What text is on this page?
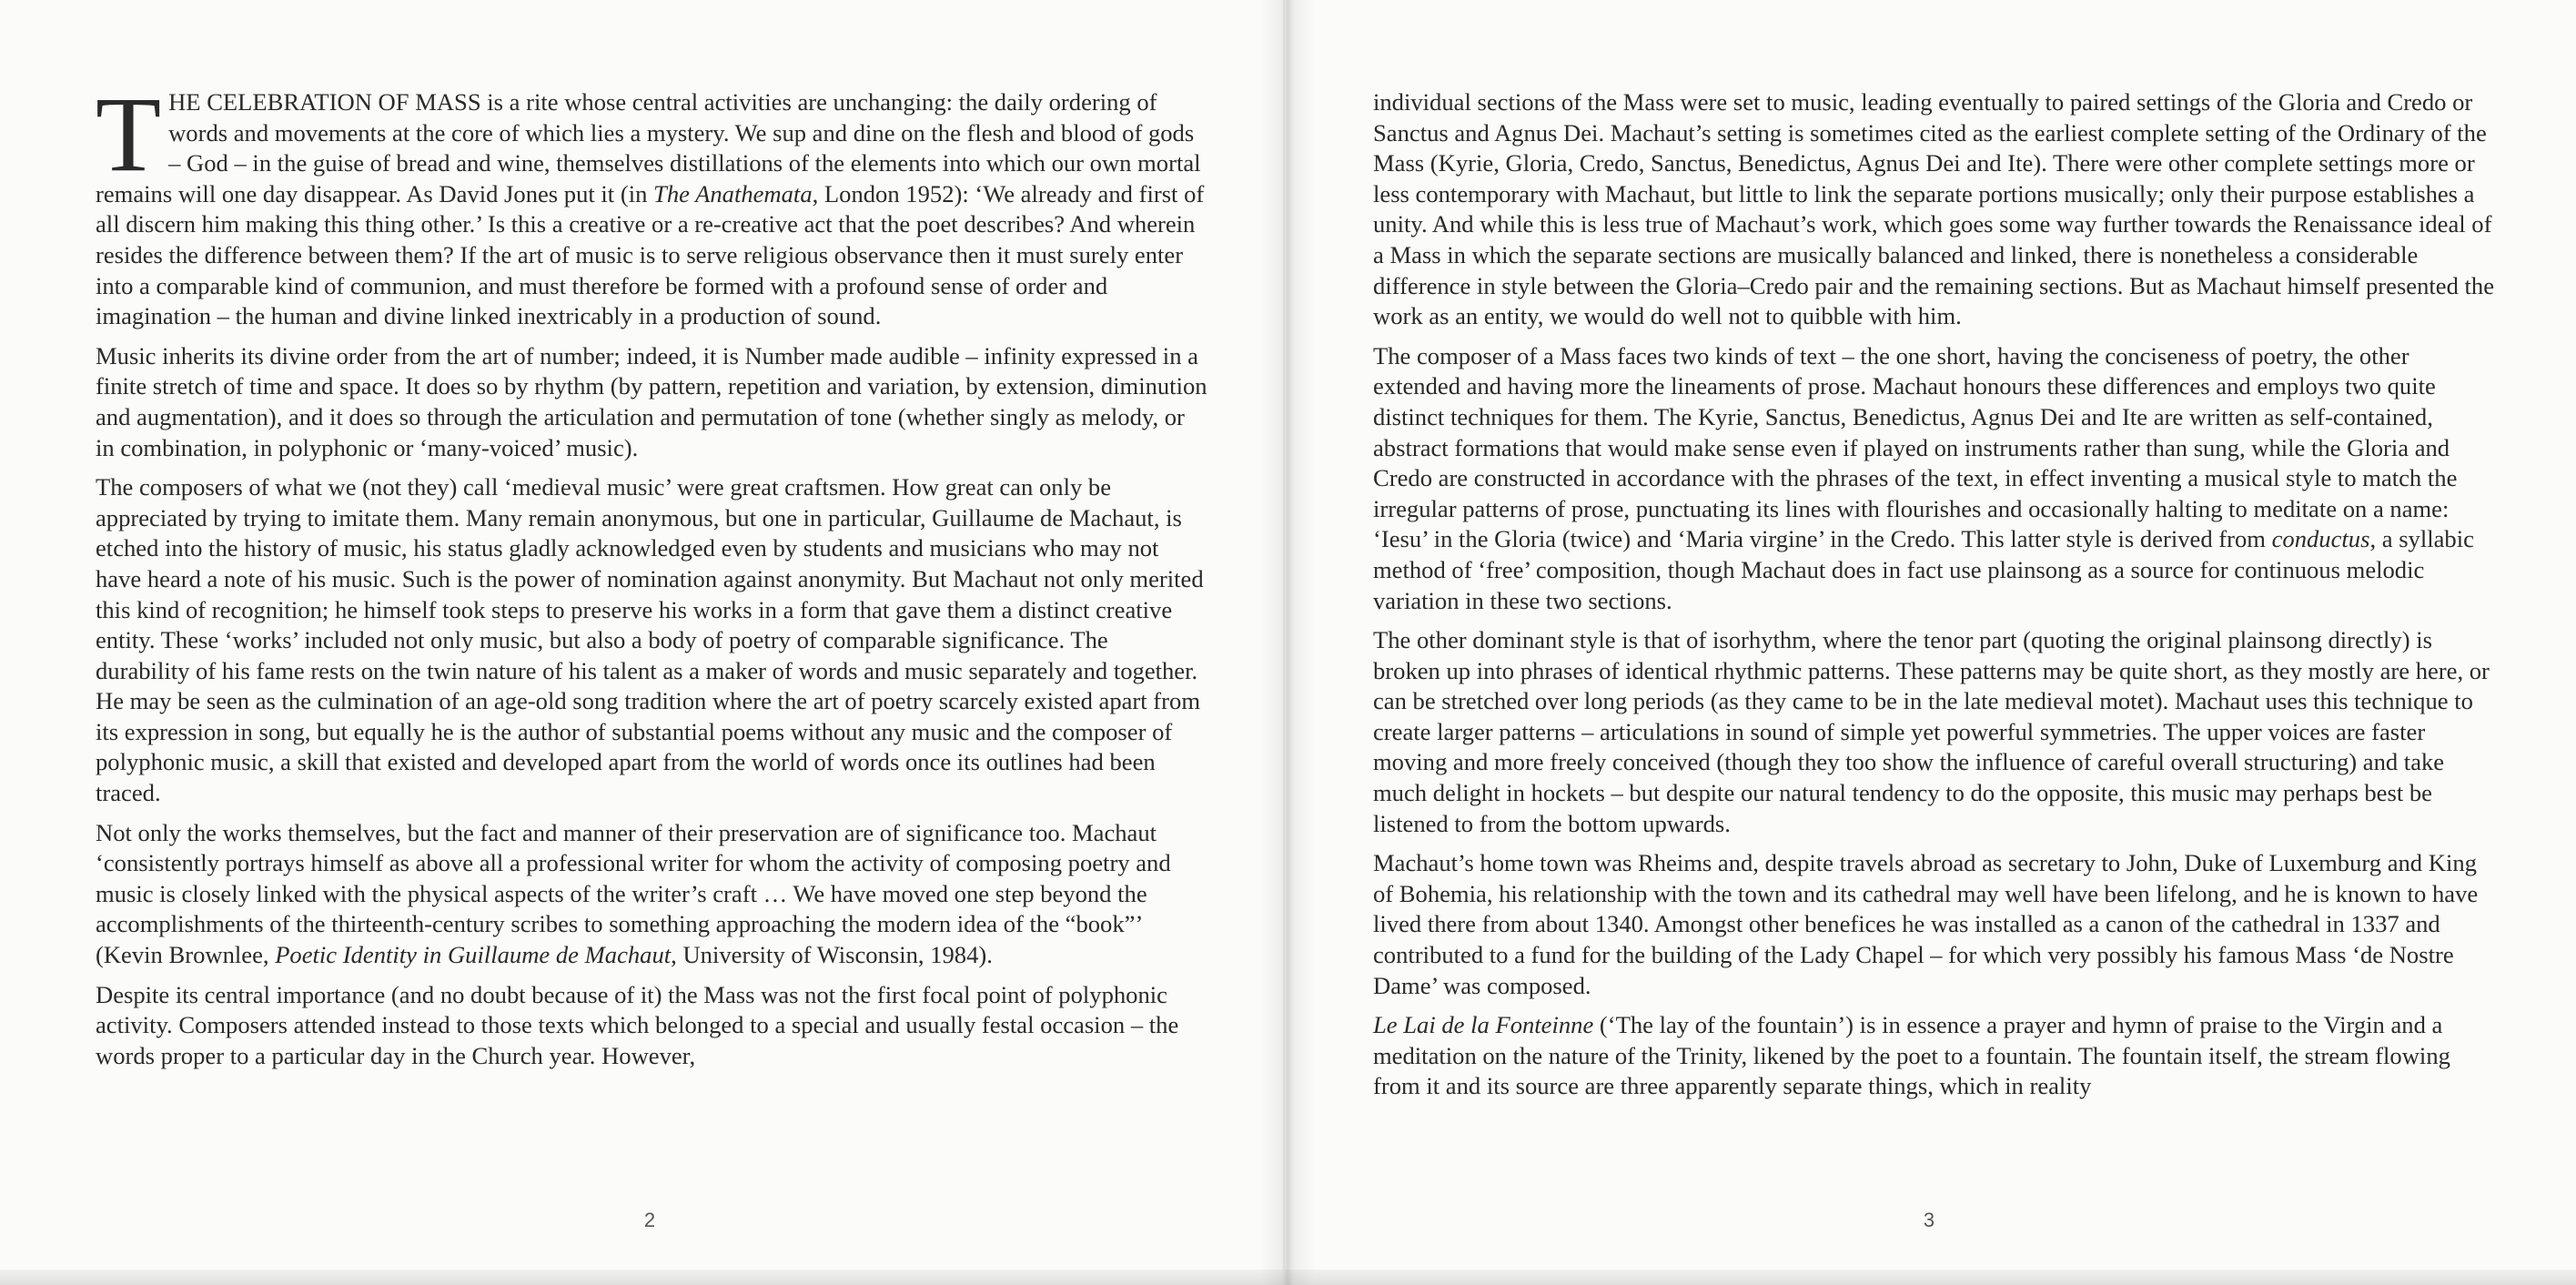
THE CELEBRATION OF MASS is a rite whose central activities are unchanging: the daily ordering of words and movements at the core of which lies a mystery. We sup and dine on the flesh and blood of gods – God – in the guise of bread and wine, themselves distillations of the elements into which our own mortal remains will one day disappear. As David Jones put it (in The Anathemata, London 1952): ‘We already and first of all discern him making this thing other.’ Is this a creative or a re-creative act that the poet describes? And wherein resides the difference between them? If the art of music is to serve religious observance then it must surely enter into a comparable kind of communion, and must therefore be formed with a profound sense of order and imagination – the human and divine linked inextricably in a production of sound.

Music inherits its divine order from the art of number; indeed, it is Number made audible – infinity expressed in a finite stretch of time and space. It does so by rhythm (by pattern, repetition and variation, by extension, diminution and augmentation), and it does so through the articulation and permutation of tone (whether singly as melody, or in combination, in polyphonic or ‘many-voiced’ music).

The composers of what we (not they) call ‘medieval music’ were great craftsmen. How great can only be appreciated by trying to imitate them. Many remain anonymous, but one in particular, Guillaume de Machaut, is etched into the history of music, his status gladly acknowledged even by students and musicians who may not have heard a note of his music. Such is the power of nomination against anonymity. But Machaut not only merited this kind of recognition; he himself took steps to preserve his works in a form that gave them a distinct creative entity. These ‘works’ included not only music, but also a body of poetry of comparable significance. The durability of his fame rests on the twin nature of his talent as a maker of words and music separately and together. He may be seen as the culmination of an age-old song tradition where the art of poetry scarcely existed apart from its expression in song, but equally he is the author of substantial poems without any music and the composer of polyphonic music, a skill that existed and developed apart from the world of words once its outlines had been traced.

Not only the works themselves, but the fact and manner of their preservation are of significance too. Machaut ‘consistently portrays himself as above all a professional writer for whom the activity of composing poetry and music is closely linked with the physical aspects of the writer’s craft … We have moved one step beyond the accomplishments of the thirteenth-century scribes to something approaching the modern idea of the “book”’ (Kevin Brownlee, Poetic Identity in Guillaume de Machaut, University of Wisconsin, 1984).

Despite its central importance (and no doubt because of it) the Mass was not the first focal point of polyphonic activity. Composers attended instead to those texts which belonged to a special and usually festal occasion – the words proper to a particular day in the Church year. However,

2

individual sections of the Mass were set to music, leading eventually to paired settings of the Gloria and Credo or Sanctus and Agnus Dei. Machaut’s setting is sometimes cited as the earliest complete setting of the Ordinary of the Mass (Kyrie, Gloria, Credo, Sanctus, Benedictus, Agnus Dei and Ite). There were other complete settings more or less contemporary with Machaut, but little to link the separate portions musically; only their purpose establishes a unity. And while this is less true of Machaut’s work, which goes some way further towards the Renaissance ideal of a Mass in which the separate sections are musically balanced and linked, there is nonetheless a considerable difference in style between the Gloria–Credo pair and the remaining sections. But as Machaut himself presented the work as an entity, we would do well not to quibble with him.

The composer of a Mass faces two kinds of text – the one short, having the conciseness of poetry, the other extended and having more the lineaments of prose. Machaut honours these differences and employs two quite distinct techniques for them. The Kyrie, Sanctus, Benedictus, Agnus Dei and Ite are written as self-contained, abstract formations that would make sense even if played on instruments rather than sung, while the Gloria and Credo are constructed in accordance with the phrases of the text, in effect inventing a musical style to match the irregular patterns of prose, punctuating its lines with flourishes and occasionally halting to meditate on a name: ‘Iesu’ in the Gloria (twice) and ‘Maria virgine’ in the Credo. This latter style is derived from conductus, a syllabic method of ‘free’ composition, though Machaut does in fact use plainsong as a source for continuous melodic variation in these two sections.

The other dominant style is that of isorhythm, where the tenor part (quoting the original plainsong directly) is broken up into phrases of identical rhythmic patterns. These patterns may be quite short, as they mostly are here, or can be stretched over long periods (as they came to be in the late medieval motet). Machaut uses this technique to create larger patterns – articulations in sound of simple yet powerful symmetries. The upper voices are faster moving and more freely conceived (though they too show the influence of careful overall structuring) and take much delight in hockets – but despite our natural tendency to do the opposite, this music may perhaps best be listened to from the bottom upwards.

Machaut’s home town was Rheims and, despite travels abroad as secretary to John, Duke of Luxemburg and King of Bohemia, his relationship with the town and its cathedral may well have been lifelong, and he is known to have lived there from about 1340. Amongst other benefices he was installed as a canon of the cathedral in 1337 and contributed to a fund for the building of the Lady Chapel – for which very possibly his famous Mass ‘de Nostre Dame’ was composed.

Le Lai de la Fonteinne (‘The lay of the fountain’) is in essence a prayer and hymn of praise to the Virgin and a meditation on the nature of the Trinity, likened by the poet to a fountain. The fountain itself, the stream flowing from it and its source are three apparently separate things, which in reality

3
